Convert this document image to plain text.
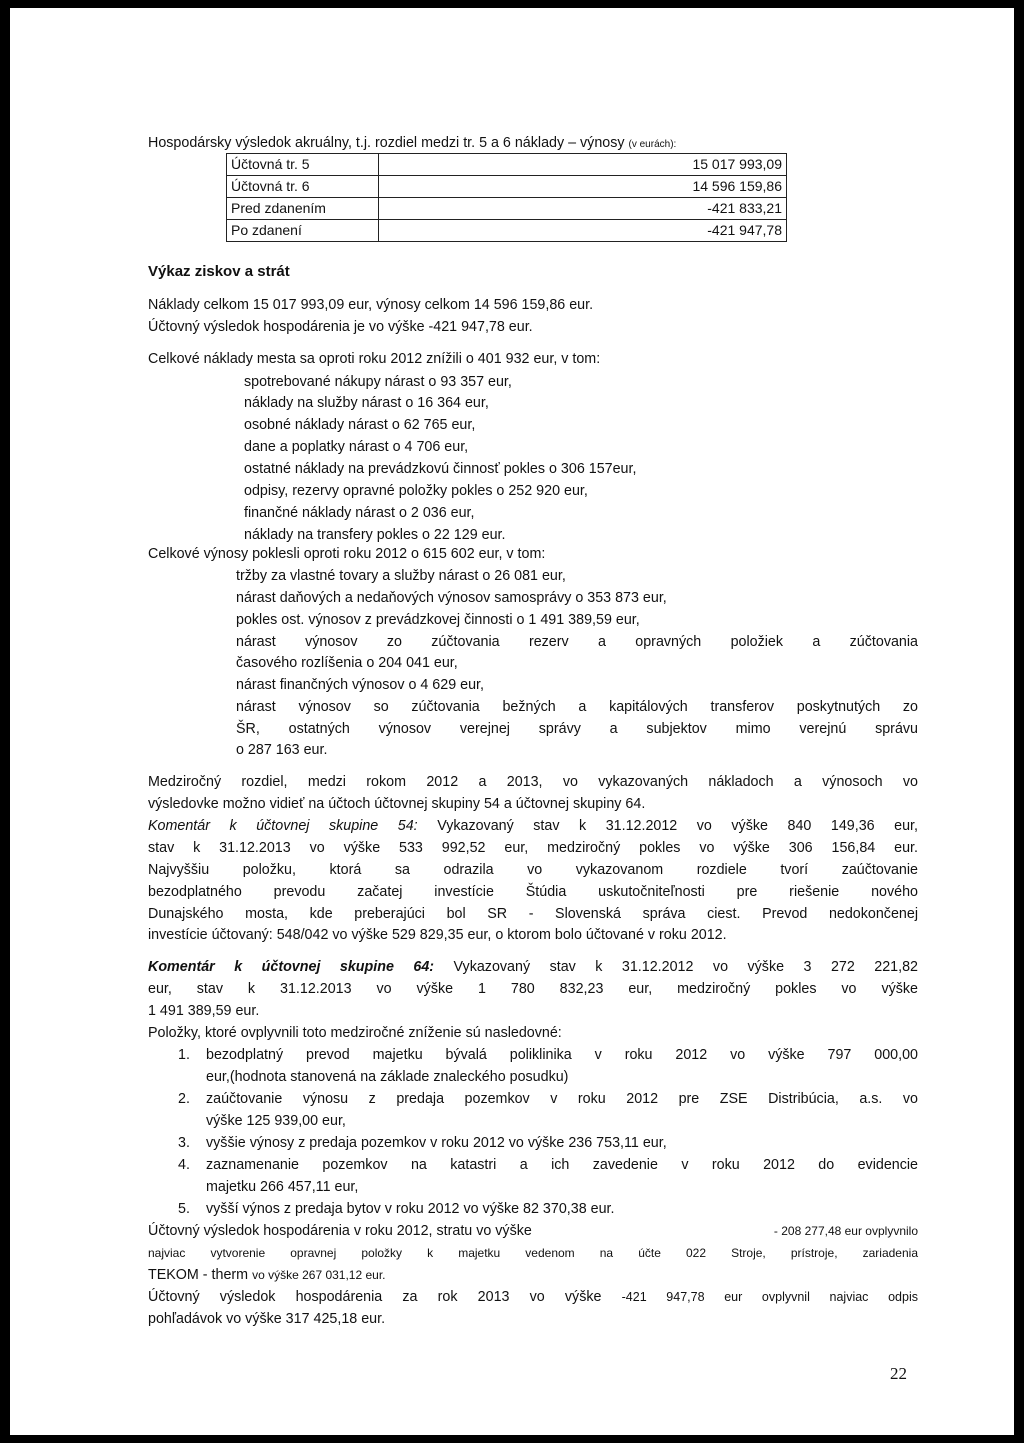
Hospodársky výsledok akruálny, t.j. rozdiel medzi tr. 5 a 6 náklady – výnosy (v eurách):
Účtovná tr. 5	15 017 993,09
Účtovná tr. 6	14 596 159,86
Pred zdanením	-421 833,21
Po zdanení	-421 947,78
Výkaz ziskov a strát
Náklady celkom 15 017 993,09 eur, výnosy celkom 14 596 159,86 eur.
Účtovný výsledok hospodárenia je vo výške -421 947,78 eur.
Celkové náklady mesta sa oproti roku 2012 znížili o 401 932 eur, v tom:
spotrebované nákupy nárast o 93 357 eur,
náklady na služby nárast o 16 364 eur,
osobné náklady nárast o 62 765 eur,
dane a poplatky nárast o 4 706 eur,
ostatné náklady na prevádzkovú činnosť pokles o 306 157eur,
odpisy, rezervy opravné položky pokles o 252 920 eur,
finančné náklady nárast o 2 036 eur,
náklady na transfery pokles o 22 129 eur.
Celkové výnosy poklesli oproti roku 2012 o 615 602 eur, v tom:
tržby za vlastné tovary a služby nárast o 26 081 eur,
nárast daňových a nedaňových výnosov samosprávy o 353 873 eur,
pokles ost. výnosov z prevádzkovej činnosti o 1 491 389,59 eur,
nárast výnosov zo zúčtovania rezerv a opravných položiek a zúčtovania
časového rozlíšenia o 204 041 eur,
nárast finančných výnosov o 4 629 eur,
nárast výnosov so zúčtovania bežných a kapitálových transferov poskytnutých zo
ŠR, ostatných výnosov verejnej správy a subjektov mimo verejnú správu
o 287 163 eur.
Medziročný rozdiel, medzi rokom 2012 a 2013, vo vykazovaných nákladoch a výnosoch vo
výsledovke možno vidieť na účtoch účtovnej skupiny 54 a účtovnej skupiny 64.
Komentár k účtovnej skupine 54: Vykazovaný stav k 31.12.2012 vo výške 840 149,36 eur,
stav k 31.12.2013 vo výške 533 992,52 eur, medziročný pokles vo výške 306 156,84 eur.
Najvyššiu položku, ktorá sa odrazila vo vykazovanom rozdiele tvorí zaúčtovanie
bezodplatného prevodu začatej investície Štúdia uskutočniteľnosti pre riešenie nového
Dunajského mosta, kde preberajúci bol SR - Slovenská správa ciest. Prevod nedokončenej
investície účtovaný: 548/042 vo výške 529 829,35 eur, o ktorom bolo účtované v roku 2012.
Komentár k účtovnej skupine 64: Vykazovaný stav k 31.12.2012 vo výške 3 272 221,82
eur, stav k 31.12.2013 vo výške 1 780 832,23 eur, medziročný pokles vo výške
1 491 389,59 eur.
Položky, ktoré ovplyvnili toto medziročné zníženie sú nasledovné:
1.	bezodplatný prevod majetku bývalá poliklinika v roku 2012 vo výške 797 000,00
eur,(hodnota stanovená na základe znaleckého posudku)
2.	zaúčtovanie výnosu z predaja pozemkov v roku 2012 pre ZSE Distribúcia, a.s. vo
výške 125 939,00 eur,
3.	vyššie výnosy z predaja pozemkov v roku 2012 vo výške 236 753,11 eur,
4.	zaznamenanie pozemkov na katastri a ich zavedenie v roku 2012 do evidencie
majetku 266 457,11 eur,
5.	vyšší výnos z predaja bytov v roku 2012 vo výške 82 370,38 eur.
Účtovný výsledok hospodárenia v roku 2012, stratu vo výške	- 208 277,48 eur ovplyvnilo
najviac vytvorenie opravnej položky k majetku vedenom na účte 022 Stroje, prístroje, zariadenia
TEKOM - therm vo výške 267 031,12 eur.
Účtovný výsledok hospodárenia za rok 2013 vo výške -421 947,78 eur ovplyvnil najviac odpis
pohľadávok vo výške 317 425,18 eur.
22
